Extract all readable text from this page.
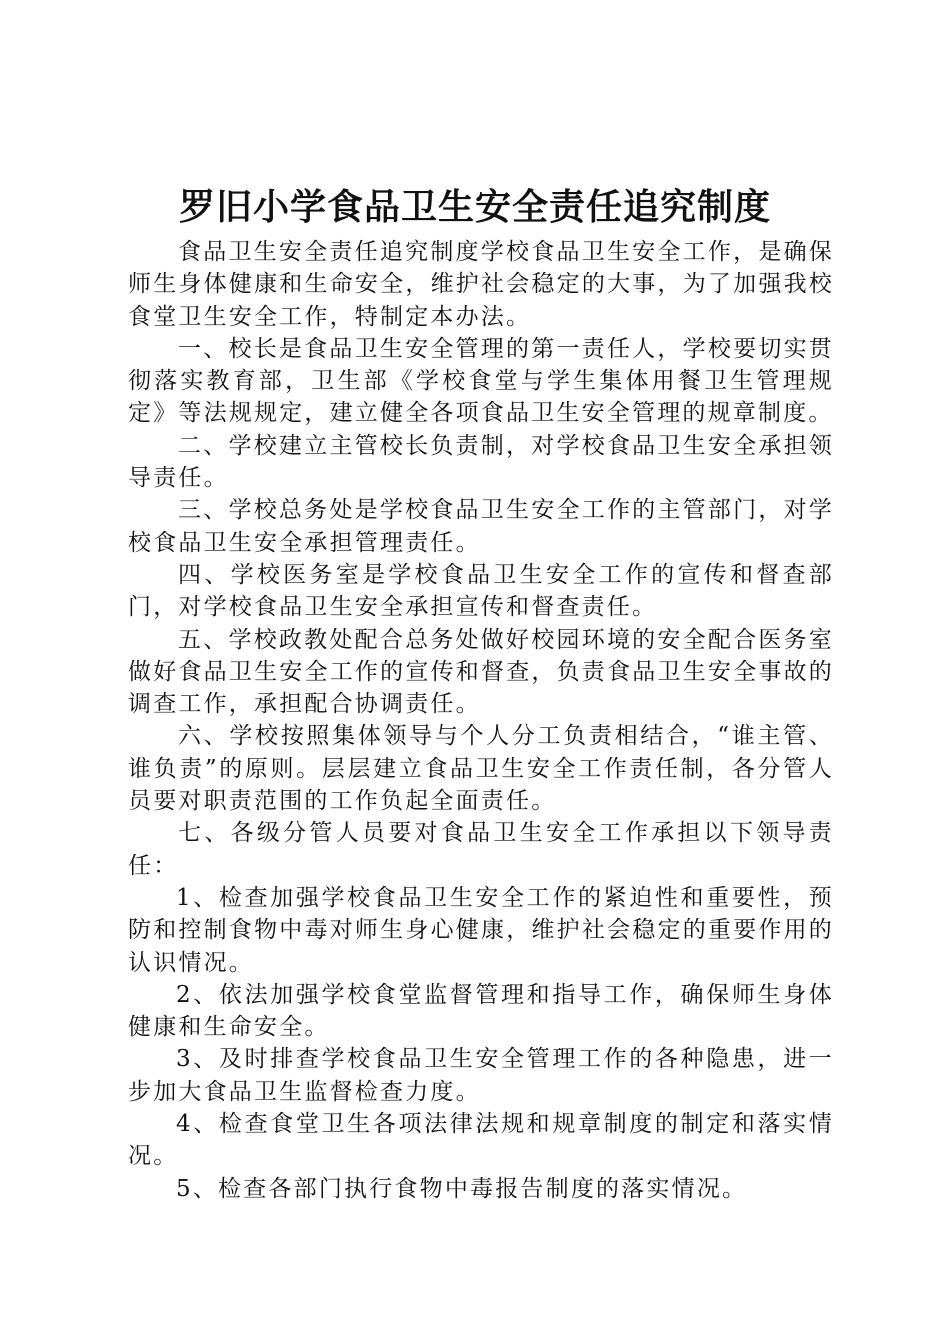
罗旧小学食品卫生安全责任追究制度

食品卫生安全责任追究制度学校食品卫生安全工作，是确保师生身体健康和生命安全，维护社会稳定的大事，为了加强我校食堂卫生安全工作，特制定本办法。

一、校长是食品卫生安全管理的第一责任人，学校要切实贯彻落实教育部，卫生部《学校食堂与学生集体用餐卫生管理规定》等法规规定，建立健全各项食品卫生安全管理的规章制度。

二、学校建立主管校长负责制，对学校食品卫生安全承担领导责任。

三、学校总务处是学校食品卫生安全工作的主管部门，对学校食品卫生安全承担管理责任。

四、学校医务室是学校食品卫生安全工作的宣传和督查部门，对学校食品卫生安全承担宣传和督查责任。

五、学校政教处配合总务处做好校园环境的安全配合医务室做好食品卫生安全工作的宣传和督查，负责食品卫生安全事故的调查工作，承担配合协调责任。

六、学校按照集体领导与个人分工负责相结合，“谁主管、谁负责”的原则。层层建立食品卫生安全工作责任制，各分管人员要对职责范围的工作负起全面责任。

七、各级分管人员要对食品卫生安全工作承担以下领导责任：

1、检查加强学校食品卫生安全工作的紧迫性和重要性，预防和控制食物中毒对师生身心健康，维护社会稳定的重要作用的认识情况。

2、依法加强学校食堂监督管理和指导工作，确保师生身体健康和生命安全。

3、及时排查学校食品卫生安全管理工作的各种隐患，进一步加大食品卫生监督检查力度。

4、检查食堂卫生各项法律法规和规章制度的制定和落实情况。

5、检查各部门执行食物中毒报告制度的落实情况。
